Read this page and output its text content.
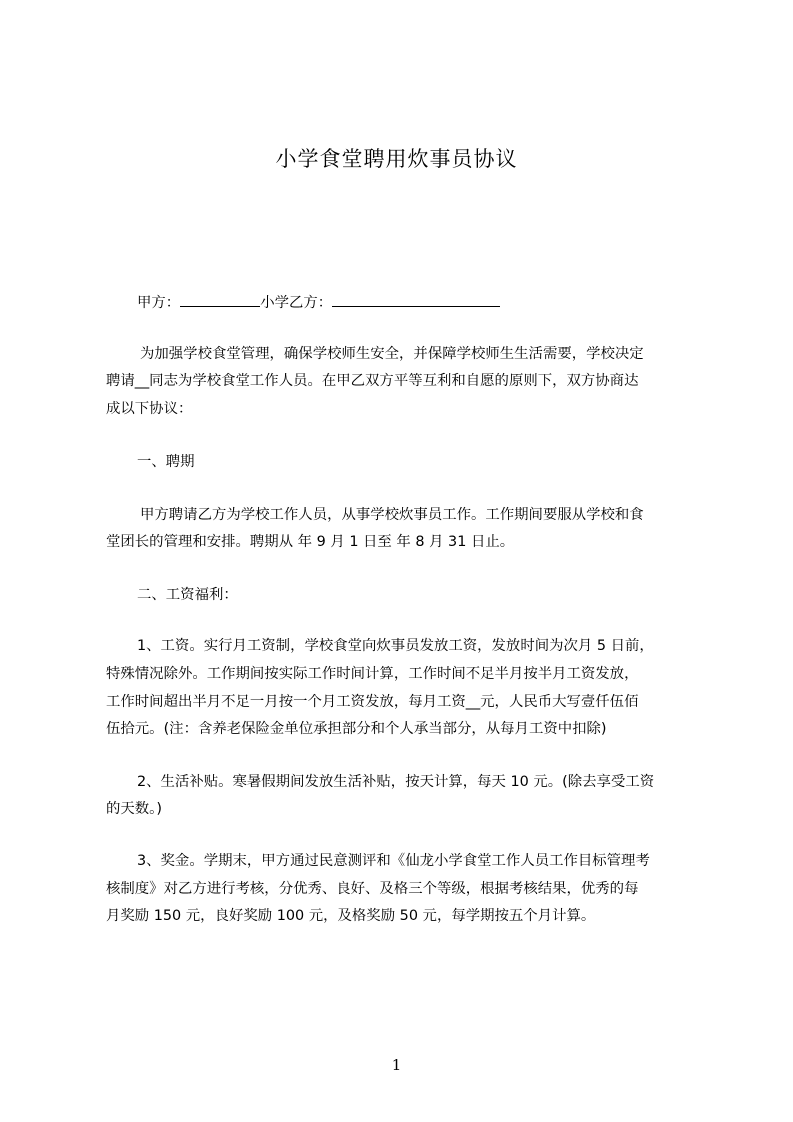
小学食堂聘用炊事员协议
甲方：	小学乙方：
为加强学校食堂管理，确保学校师生安全，并保障学校师生生活需要，学校决定
聘请__同志为学校食堂工作人员。在甲乙双方平等互利和自愿的原则下，双方协商达
成以下协议：
一、聘期
甲方聘请乙方为学校工作人员，从事学校炊事员工作。工作期间要服从学校和食
堂团长的管理和安排。聘期从 年 9 月 1 日至 年 8 月 31 日止。
二、工资福利：
1、工资。实行月工资制，学校食堂向炊事员发放工资，发放时间为次月 5 日前，
特殊情况除外。工作期间按实际工作时间计算，工作时间不足半月按半月工资发放，
工作时间超出半月不足一月按一个月工资发放，每月工资__元，人民币大写壹仟伍佰
伍拾元。(注：含养老保险金单位承担部分和个人承当部分，从每月工资中扣除)
2、生活补贴。寒暑假期间发放生活补贴，按天计算，每天 10 元。(除去享受工资
的天数。)
3、奖金。学期末，甲方通过民意测评和《仙龙小学食堂工作人员工作目标管理考
核制度》对乙方进行考核，分优秀、良好、及格三个等级，根据考核结果，优秀的每
月奖励 150 元，良好奖励 100 元，及格奖励 50 元，每学期按五个月计算。
1
